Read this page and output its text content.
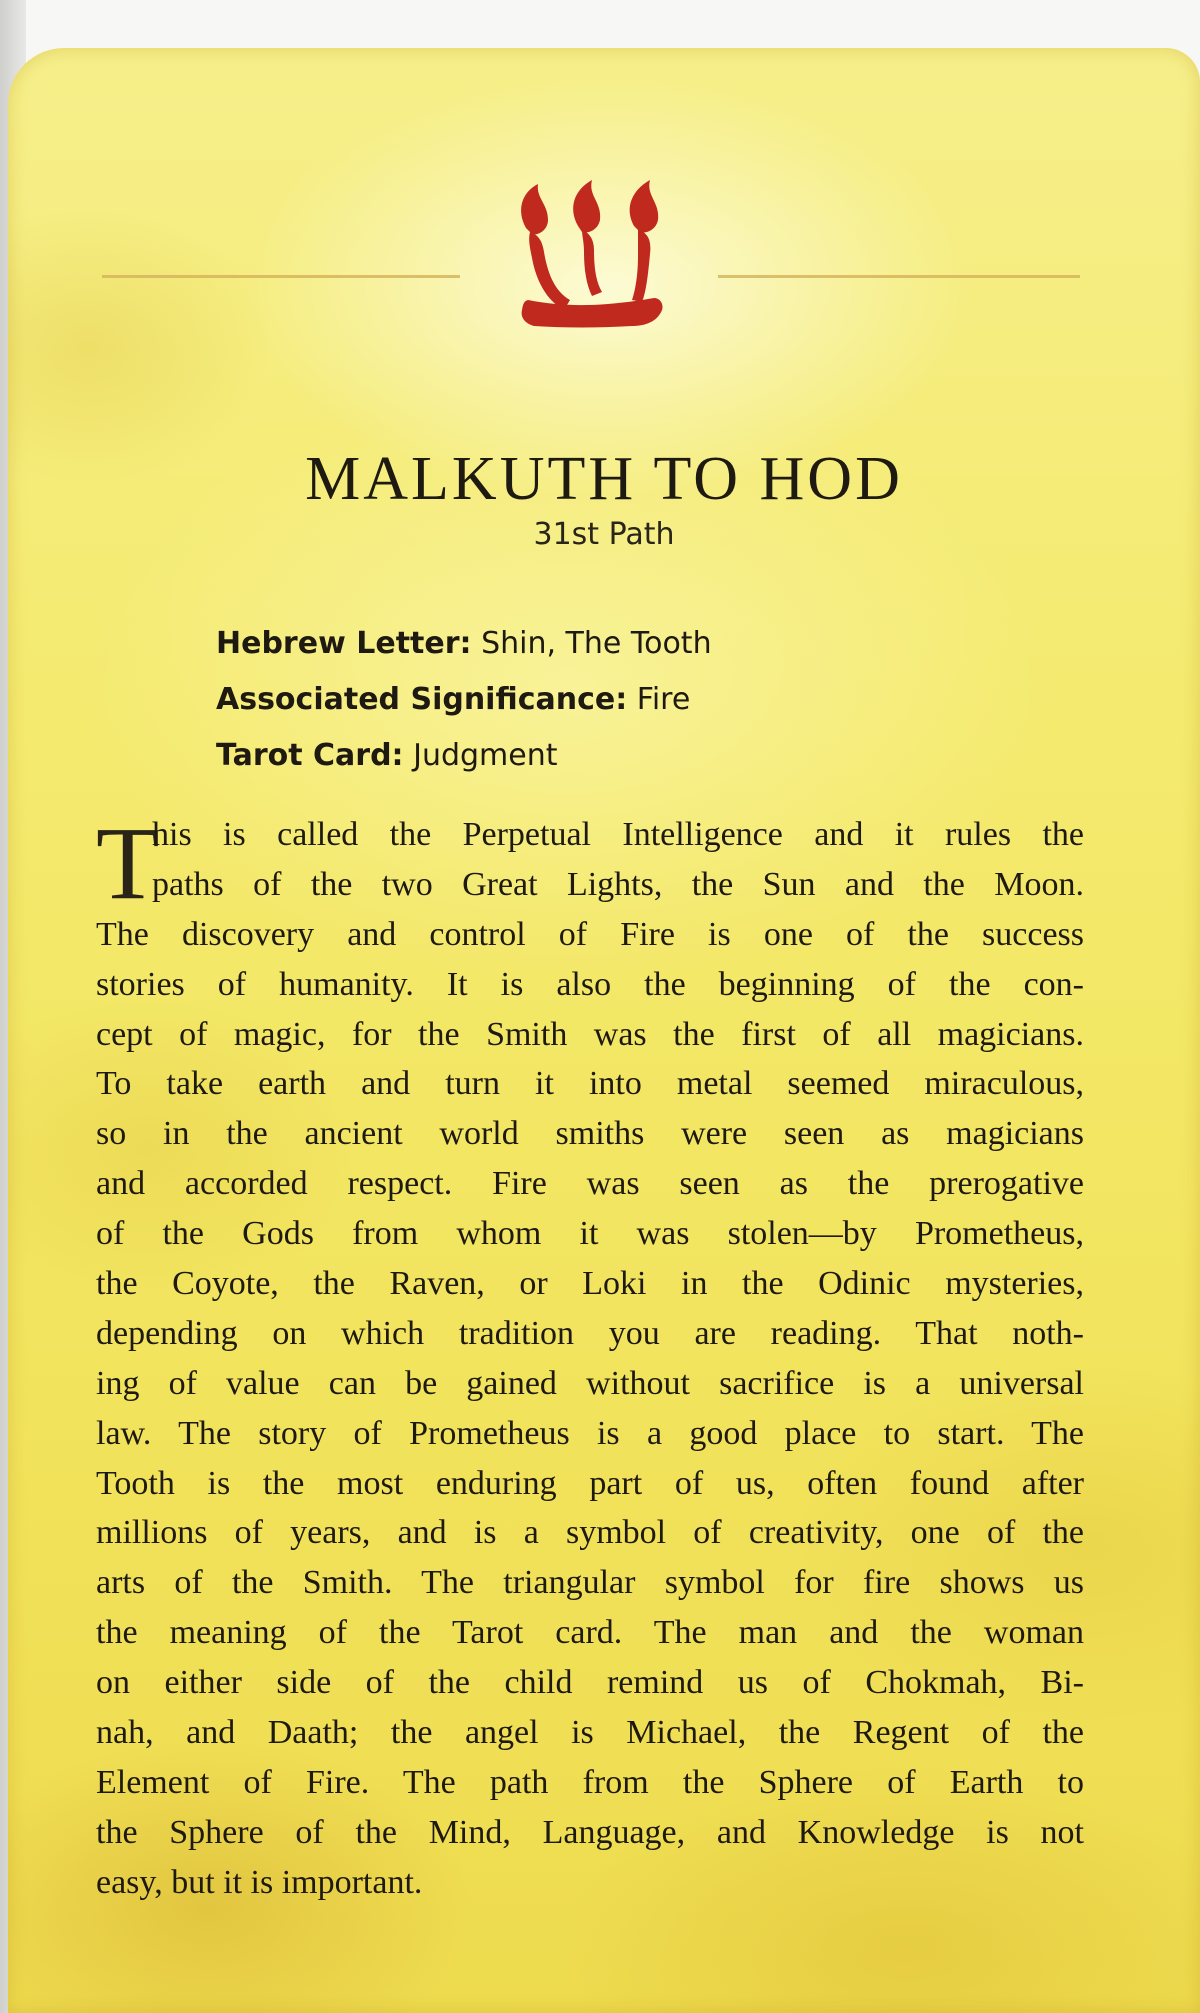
MALKUTH TO HOD
31st Path
Hebrew Letter: Shin, The Tooth
Associated Significance: Fire
Tarot Card: Judgment
T
his is called the Perpetual Intelligence and it rules the
paths of the two Great Lights, the Sun and the Moon.
The discovery and control of Fire is one of the success
stories of humanity. It is also the beginning of the con-
cept of magic, for the Smith was the first of all magicians.
To take earth and turn it into metal seemed miraculous,
so in the ancient world smiths were seen as magicians
and accorded respect. Fire was seen as the prerogative
of the Gods from whom it was stolen—by Prometheus,
the Coyote, the Raven, or Loki in the Odinic mysteries,
depending on which tradition you are reading. That noth-
ing of value can be gained without sacrifice is a universal
law. The story of Prometheus is a good place to start. The
Tooth is the most enduring part of us, often found after
millions of years, and is a symbol of creativity, one of the
arts of the Smith. The triangular symbol for fire shows us
the meaning of the Tarot card. The man and the woman
on either side of the child remind us of Chokmah, Bi-
nah, and Daath; the angel is Michael, the Regent of the
Element of Fire. The path from the Sphere of Earth to
the Sphere of the Mind, Language, and Knowledge is not
easy, but it is important.
